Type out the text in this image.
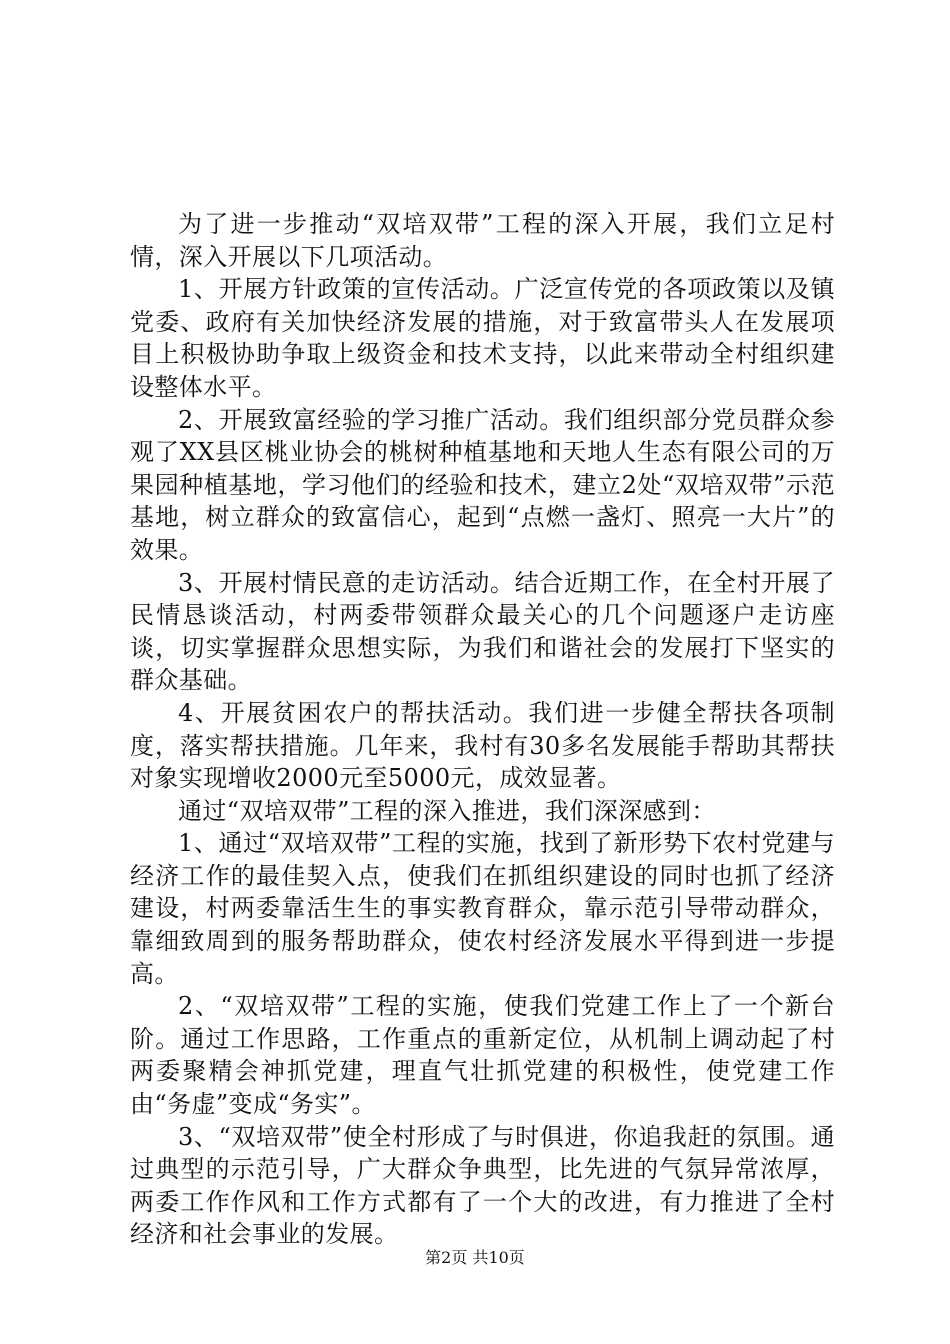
为了进一步推动“双培双带”工程的深入开展，我们立足村情，深入开展以下几项活动。

1、开展方针政策的宣传活动。广泛宣传党的各项政策以及镇党委、政府有关加快经济发展的措施，对于致富带头人在发展项目上积极协助争取上级资金和技术支持，以此来带动全村组织建设整体水平。

2、开展致富经验的学习推广活动。我们组织部分党员群众参观了XX县区桃业协会的桃树种植基地和天地人生态有限公司的万果园种植基地，学习他们的经验和技术，建立2处“双培双带”示范基地，树立群众的致富信心，起到“点燃一盏灯、照亮一大片”的效果。

3、开展村情民意的走访活动。结合近期工作，在全村开展了民情恳谈活动，村两委带领群众最关心的几个问题逐户走访座谈，切实掌握群众思想实际，为我们和谐社会的发展打下坚实的群众基础。

4、开展贫困农户的帮扶活动。我们进一步健全帮扶各项制度，落实帮扶措施。几年来，我村有30多名发展能手帮助其帮扶对象实现增收2000元至5000元，成效显著。

通过“双培双带”工程的深入推进，我们深深感到：

1、通过“双培双带”工程的实施，找到了新形势下农村党建与经济工作的最佳契入点，使我们在抓组织建设的同时也抓了经济建设，村两委靠活生生的事实教育群众，靠示范引导带动群众，靠细致周到的服务帮助群众，使农村经济发展水平得到进一步提高。

2、“双培双带”工程的实施，使我们党建工作上了一个新台阶。通过工作思路，工作重点的重新定位，从机制上调动起了村两委聚精会神抓党建，理直气壮抓党建的积极性，使党建工作由“务虚”变成“务实”。

3、“双培双带”使全村形成了与时俱进，你追我赶的氛围。通过典型的示范引导，广大群众争典型，比先进的气氛异常浓厚，两委工作作风和工作方式都有了一个大的改进，有力推进了全村经济和社会事业的发展。

第2页 共10页
